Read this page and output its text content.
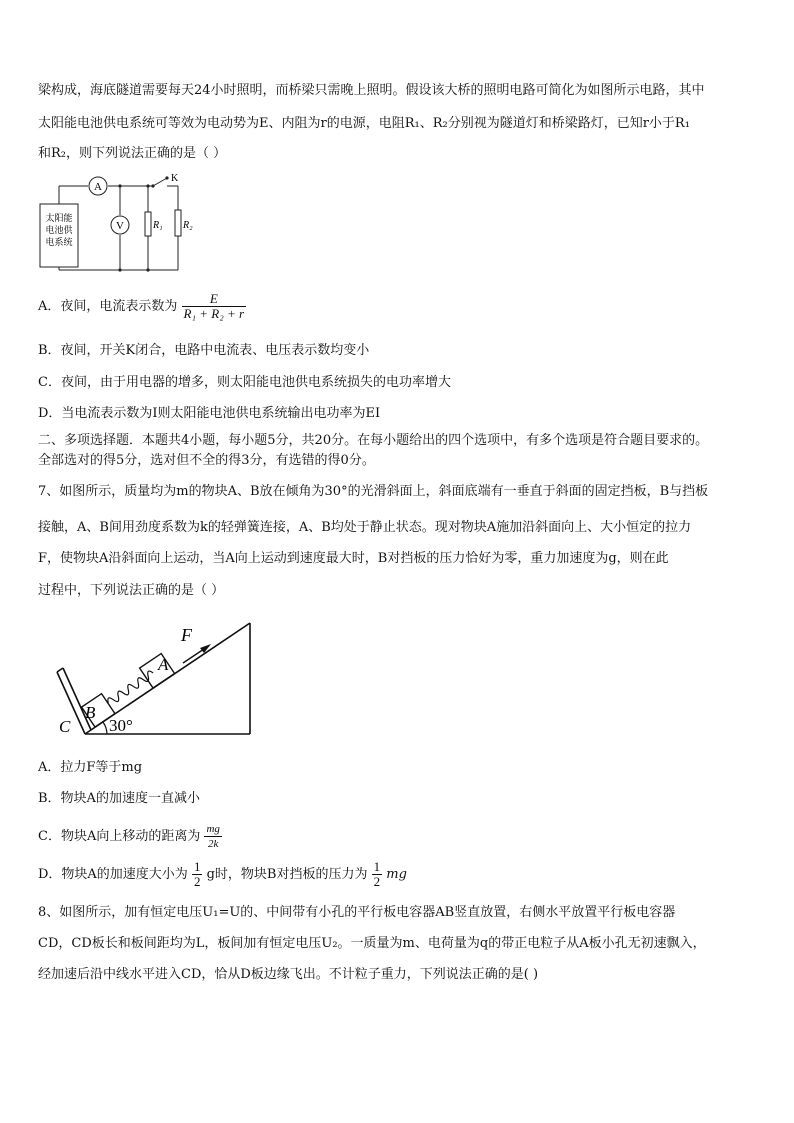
梁构成，海底隧道需要每天24小时照明，而桥梁只需晚上照明。假设该大桥的照明电路可简化为如图所示电路，其中
太阳能电池供电系统可等效为电动势为E、内阻为r的电源，电阻R₁、R₂分别视为隧道灯和桥梁路灯，已知r小于R₁
和R₂，则下列说法正确的是（ ）
A
V
K
R₁ R₂
太阳能
电池供
电系统
A．夜间，电流表示数为 $\frac{E}{\text{R₁ + R₂ + r}}$
B．夜间，开关K闭合，电路中电流表、电压表示数均变小
C．夜间，由于用电器的增多，则太阳能电池供电系统损失的电功率增大
D．当电流表示数为I则太阳能电池供电系统输出电功率为EI
二、多项选择题．本题共4小题，每小题5分，共20分。在每小题给出的四个选项中，有多个选项是符合题目要求的。
全部选对的得5分，选对但不全的得3分，有选错的得0分。
7、如图所示，质量均为m的物块A、B放在倾角为30°的光滑斜面上，斜面底端有一垂直于斜面的固定挡板，B与挡板
接触，A、B间用劲度系数为k的轻弹簧连接，A、B均处于静止状态。现对物块A施加沿斜面向上、大小恒定的拉力
F，使物块A沿斜面向上运动，当A向上运动到速度最大时，B对挡板的压力恰好为零，重力加速度为g，则在此
过程中，下列说法正确的是（ ）
F
A
B
C 30°
A．拉力F等于mg
B．物块A的加速度一直减小
C．物块A向上移动的距离为 $\frac{mg}{2k}$
D．物块A的加速度大小为 $\frac{1}{2}$ g时，物块B对挡板的压力为 $\frac{1}{2}$ mg
8、如图所示，加有恒定电压U₁=U的、中间带有小孔的平行板电容器AB竖直放置，右侧水平放置平行板电容器
CD，CD板长和板间距均为L，板间加有恒定电压U₂。一质量为m、电荷量为q的带正电粒子从A板小孔无初速飘入，
经加速后沿中线水平进入CD，恰从D板边缘飞出。不计粒子重力，下列说法正确的是( )
